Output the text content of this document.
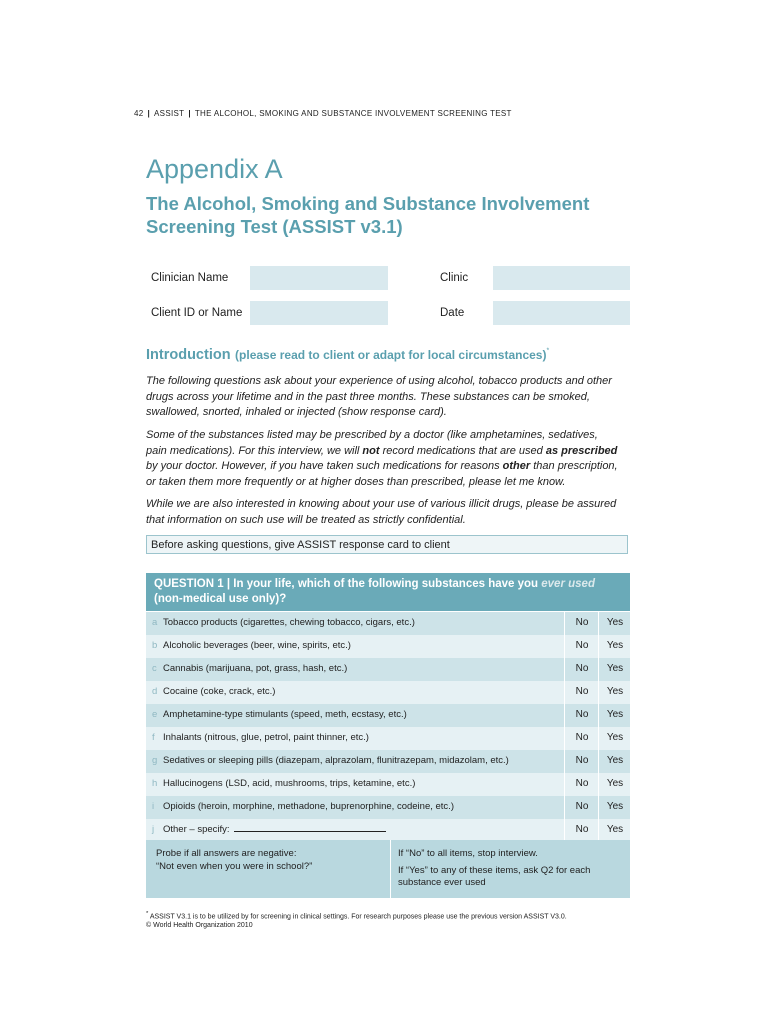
42 | ASSIST | THE ALCOHOL, SMOKING AND SUBSTANCE INVOLVEMENT SCREENING TEST
Appendix A
The Alcohol, Smoking and Substance Involvement
Screening Test (ASSIST v3.1)
Clinician Name	Clinic
Client ID or Name	Date
Introduction (please read to client or adapt for local circumstances)*
The following questions ask about your experience of using alcohol, tobacco products and other drugs across your lifetime and in the past three months. These substances can be smoked, swallowed, snorted, inhaled or injected (show response card).
Some of the substances listed may be prescribed by a doctor (like amphetamines, sedatives, pain medications). For this interview, we will not record medications that are used as prescribed by your doctor. However, if you have taken such medications for reasons other than prescription, or taken them more frequently or at higher doses than prescribed, please let me know.
While we are also interested in knowing about your use of various illicit drugs, please be assured that information on such use will be treated as strictly confidential.
Before asking questions, give ASSIST response card to client
QUESTION 1 | In your life, which of the following substances have you ever used
(non-medical use only)?
a Tobacco products (cigarettes, chewing tobacco, cigars, etc.)	No	Yes
b Alcoholic beverages (beer, wine, spirits, etc.)	No	Yes
c Cannabis (marijuana, pot, grass, hash, etc.)	No	Yes
d Cocaine (coke, crack, etc.)	No	Yes
e Amphetamine-type stimulants (speed, meth, ecstasy, etc.)	No	Yes
f Inhalants (nitrous, glue, petrol, paint thinner, etc.)	No	Yes
g Sedatives or sleeping pills (diazepam, alprazolam, flunitrazepam, midazolam, etc.)	No	Yes
h Hallucinogens (LSD, acid, mushrooms, trips, ketamine, etc.)	No	Yes
i Opioids (heroin, morphine, methadone, buprenorphine, codeine, etc.)	No	Yes
j Other – specify:	No	Yes
Probe if all answers are negative:
“Not even when you were in school?”
If “No” to all items, stop interview.
If “Yes” to any of these items, ask Q2 for each substance ever used
* ASSIST V3.1 is to be utilized by for screening in clinical settings. For research purposes please use the previous version ASSIST V3.0.
© World Health Organization 2010
